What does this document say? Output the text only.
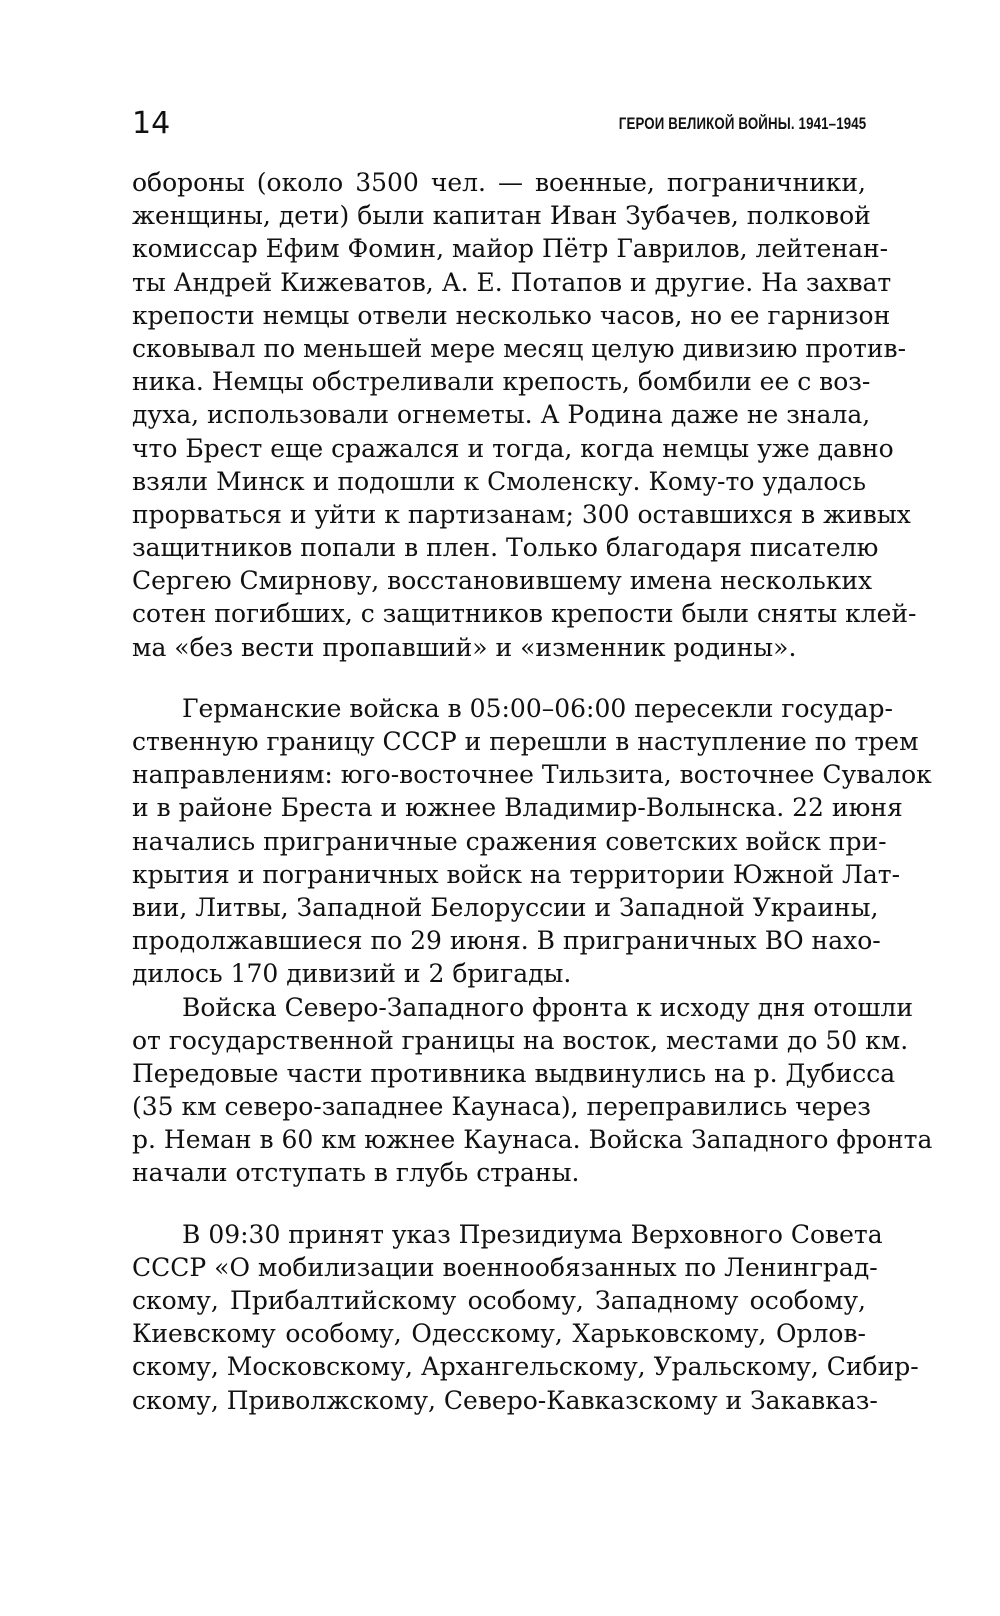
14	ГЕРОИ ВЕЛИКОЙ ВОЙНЫ. 1941–1945
обороны (около 3500 чел. — военные, пограничники,
женщины, дети) были капитан Иван Зубачев, полковой
комиссар Ефим Фомин, майор Пётр Гаврилов, лейтенан-
ты Андрей Кижеватов, А. Е. Потапов и другие. На захват
крепости немцы отвели несколько часов, но ее гарнизон
сковывал по меньшей мере месяц целую дивизию против-
ника. Немцы обстреливали крепость, бомбили ее с воз-
духа, использовали огнеметы. А Родина даже не знала,
что Брест еще сражался и тогда, когда немцы уже давно
взяли Минск и подошли к Смоленску. Кому-то удалось
прорваться и уйти к партизанам; 300 оставшихся в живых
защитников попали в плен. Только благодаря писателю
Сергею Смирнову, восстановившему имена нескольких
сотен погибших, с защитников крепости были сняты клей-
ма «без вести пропавший» и «изменник родины».
Германские войска в 05:00–06:00 пересекли государ-
ственную границу СССР и перешли в наступление по трем
направлениям: юго-восточнее Тильзита, восточнее Сувалок
и в районе Бреста и южнее Владимир-Волынска. 22 июня
начались приграничные сражения советских войск при-
крытия и пограничных войск на территории Южной Лат-
вии, Литвы, Западной Белоруссии и Западной Украины,
продолжавшиеся по 29 июня. В приграничных ВО нахо-
дилось 170 дивизий и 2 бригады.
Войска Северо-Западного фронта к исходу дня отошли
от государственной границы на восток, местами до 50 км.
Передовые части противника выдвинулись на р. Дубисса
(35 км северо-западнее Каунаса), переправились через
р. Неман в 60 км южнее Каунаса. Войска Западного фронта
начали отступать в глубь страны.
В 09:30 принят указ Президиума Верховного Совета
СССР «О мобилизации военнообязанных по Ленинград-
скому, Прибалтийскому особому, Западному особому,
Киевскому особому, Одесскому, Харьковскому, Орлов-
скому, Московскому, Архангельскому, Уральскому, Сибир-
скому, Приволжскому, Северо-Кавказскому и Закавказ-
